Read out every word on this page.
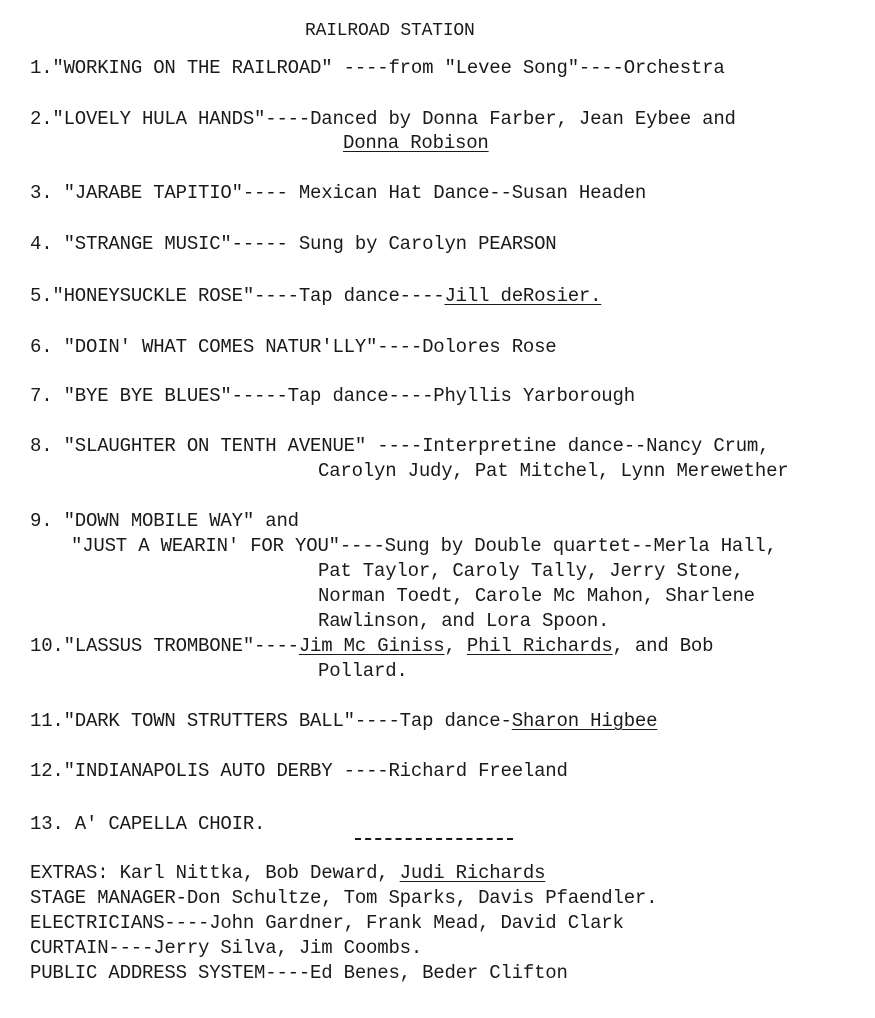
RAILROAD STATION
1."WORKING ON THE RAILROAD" ----from "Levee Song"----Orchestra
2."LOVELY HULA HANDS"----Danced by Donna Farber, Jean Eybee and
Donna Robison
3. "JARABE TAPITIO"---- Mexican Hat Dance--Susan Headen
4. "STRANGE MUSIC"----- Sung by Carolyn PEARSON
5."HONEYSUCKLE ROSE"----Tap dance----Jill deRosier.
6. "DOIN' WHAT COMES NATUR'LLY"----Dolores Rose
7. "BYE BYE BLUES"-----Tap dance----Phyllis Yarborough
8. "SLAUGHTER ON TENTH AVENUE" ----Interpretine dance--Nancy Crum,
Carolyn Judy, Pat Mitchel, Lynn Merewether
9. "DOWN MOBILE WAY" and
"JUST A WEARIN' FOR YOU"----Sung by Double quartet--Merla Hall,
Pat Taylor, Caroly Tally, Jerry Stone,
Norman Toedt, Carole Mc Mahon, Sharlene
Rawlinson, and Lora Spoon.
10."LASSUS TROMBONE"----Jim Mc Giniss, Phil Richards, and Bob
Pollard.
11."DARK TOWN STRUTTERS BALL"----Tap dance-Sharon Higbee
12."INDIANAPOLIS AUTO DERBY ----Richard Freeland
13. A' CAPELLA CHOIR.
EXTRAS: Karl Nittka, Bob Deward, Judi Richards
STAGE MANAGER-Don Schultze, Tom Sparks, Davis Pfaendler.
ELECTRICIANS----John Gardner, Frank Mead, David Clark
CURTAIN----Jerry Silva, Jim Coombs.
PUBLIC ADDRESS SYSTEM----Ed Benes, Beder Clifton
